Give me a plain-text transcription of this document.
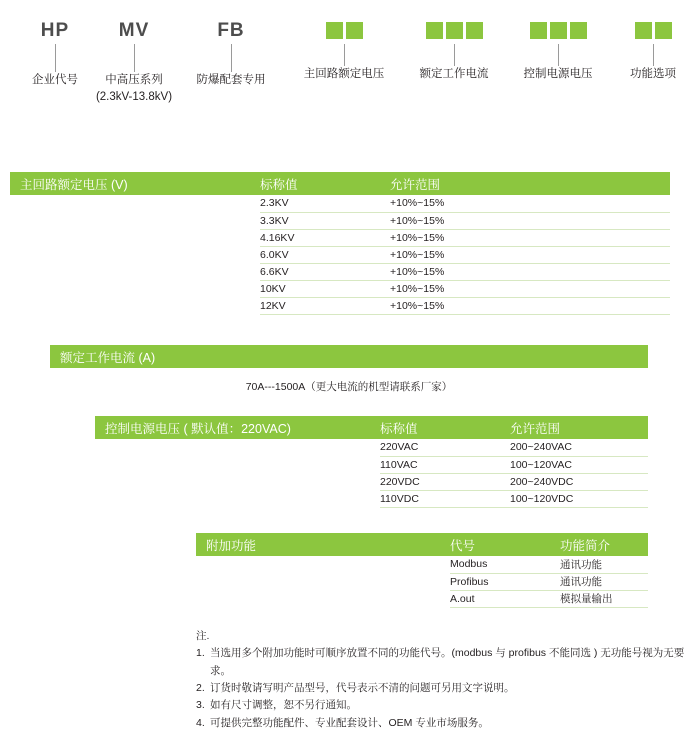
HP
企业代号
MV
中高压系列
(2.3kV-13.8kV)
FB
防爆配套专用	主回路额定电压	额定工作电流	控制电源电压	功能选项
主回路额定电压 (V)	标称值	允许范围
	2.3KV	+10%~15%
	3.3KV	+10%~15%
	4.16KV	+10%~15%
	6.0KV	+10%~15%
	6.6KV	+10%~15%
	10KV	+10%~15%
	12KV	+10%~15%
额定工作电流 (A)
70A---1500A（更大电流的机型请联系厂家）
控制电源电压 ( 默认值：220VAC)	标称值	允许范围
	220VAC	200~240VAC
	110VAC	100~120VAC
	220VDC	200~240VDC
	110VDC	100~120VDC
附加功能	代号	功能简介
	Modbus	通讯功能
	Profibus	通讯功能
	A.out	模拟量输出
注.
1. 当选用多个附加功能时可顺序放置不同的功能代号。(modbus 与 profibus 不能同选 ) 无功能号视为无要求。
2. 订货时敬请写明产品型号，代号表示不清的问题可另用文字说明。
3. 如有尺寸调整，恕不另行通知。
4. 可提供完整功能配件、专业配套设计、OEM 专业市场服务。
